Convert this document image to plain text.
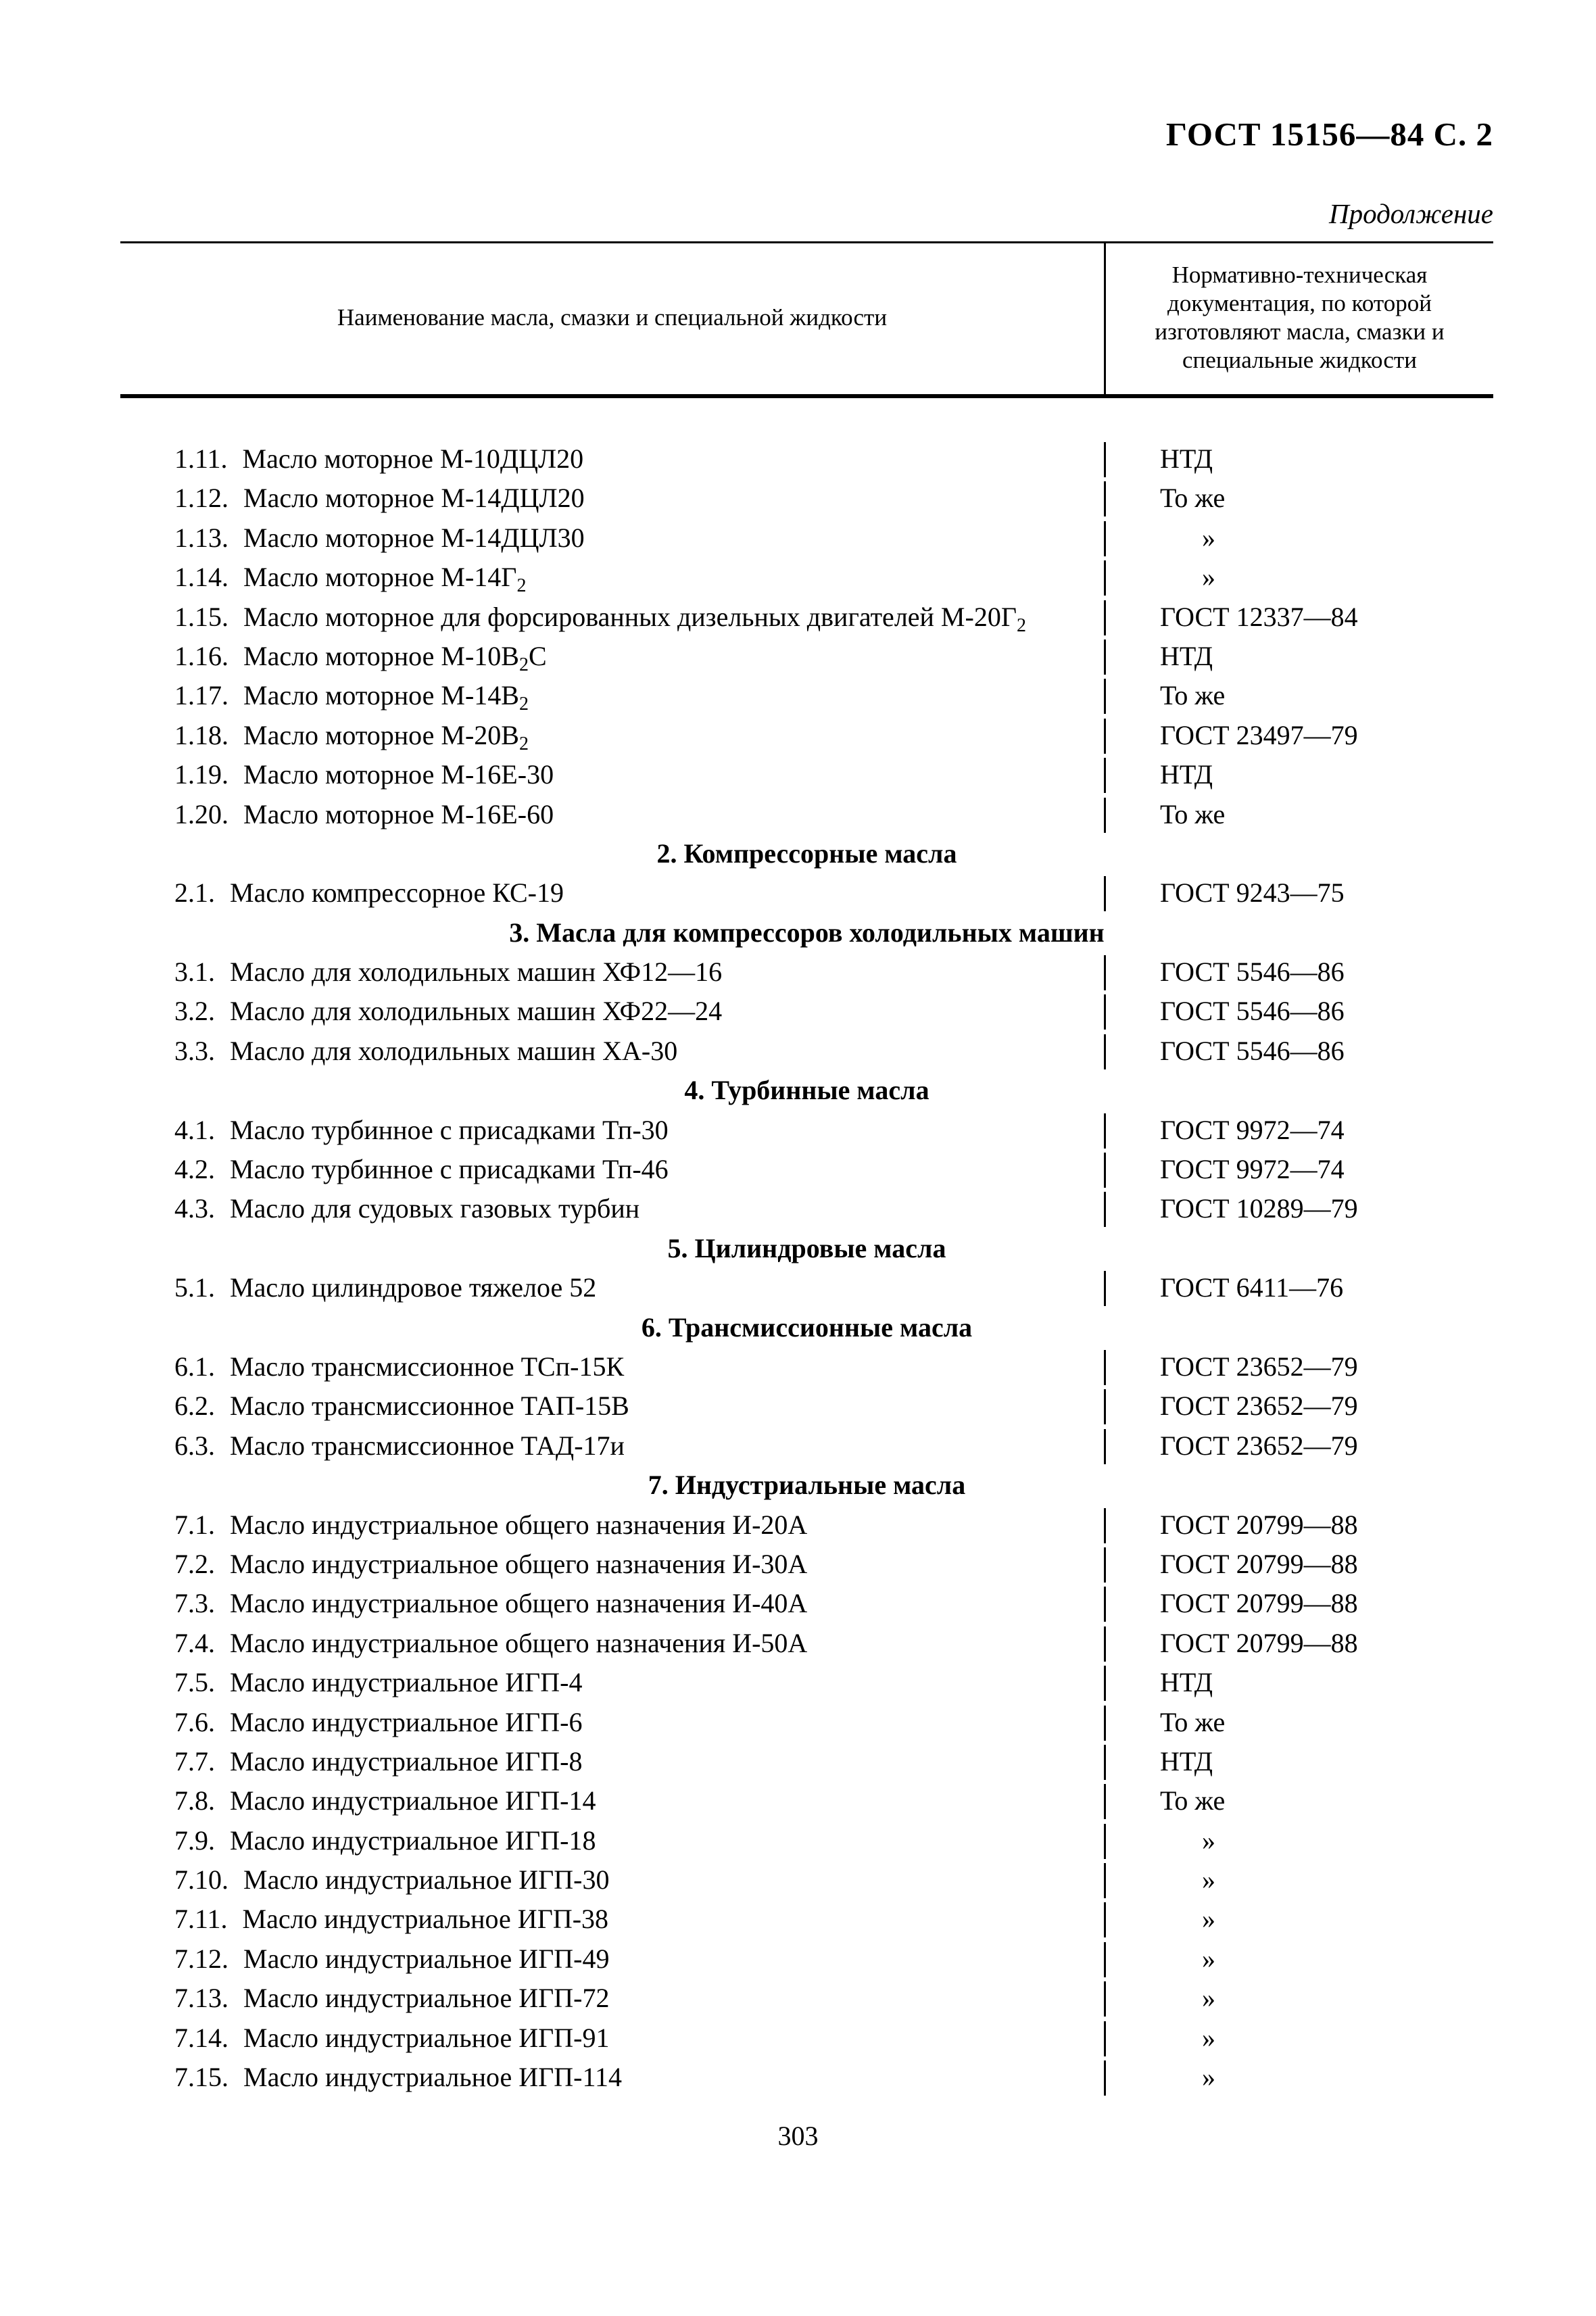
ГОСТ 15156—84 С. 2
Продолжение
Наименование масла, смазки и специальной жидкости
Нормативно-техническая документация, по которой изготовляют масла, смазки и специальные жидкости
1.11. Масло моторное М-10ДЦЛ20	НТД
1.12. Масло моторное М-14ДЦЛ20	То же
1.13. Масло моторное М-14ДЦЛ30	»
1.14. Масло моторное $М-14Г_2$	»
1.15. Масло моторное для форсированных дизельных двигателей $М-20Г_2$	ГОСТ 12337—84
1.16. Масло моторное $М-10В_2С$	НТД
1.17. Масло моторное $М-14В_2$	То же
1.18. Масло моторное $М-20В_2$	ГОСТ 23497—79
1.19. Масло моторное М-16Е-30	НТД
1.20. Масло моторное М-16Е-60	То же
2. Компрессорные масла
2.1. Масло компрессорное КС-19	ГОСТ 9243—75
3. Масла для компрессоров холодильных машин
3.1. Масло для холодильных машин ХФ12—16	ГОСТ 5546—86
3.2. Масло для холодильных машин ХФ22—24	ГОСТ 5546—86
3.3. Масло для холодильных машин ХА-30	ГОСТ 5546—86
4. Турбинные масла
4.1. Масло турбинное с присадками Тп-30	ГОСТ 9972—74
4.2. Масло турбинное с присадками Тп-46	ГОСТ 9972—74
4.3. Масло для судовых газовых турбин	ГОСТ 10289—79
5. Цилиндровые масла
5.1. Масло цилиндровое тяжелое 52	ГОСТ 6411—76
6. Трансмиссионные масла
6.1. Масло трансмиссионное ТСп-15К	ГОСТ 23652—79
6.2. Масло трансмиссионное ТАП-15В	ГОСТ 23652—79
6.3. Масло трансмиссионное ТАД-17и	ГОСТ 23652—79
7. Индустриальные масла
7.1. Масло индустриальное общего назначения И-20А	ГОСТ 20799—88
7.2. Масло индустриальное общего назначения И-30А	ГОСТ 20799—88
7.3. Масло индустриальное общего назначения И-40А	ГОСТ 20799—88
7.4. Масло индустриальное общего назначения И-50А	ГОСТ 20799—88
7.5. Масло индустриальное ИГП-4	НТД
7.6. Масло индустриальное ИГП-6	То же
7.7. Масло индустриальное ИГП-8	НТД
7.8. Масло индустриальное ИГП-14	То же
7.9. Масло индустриальное ИГП-18	»
7.10. Масло индустриальное ИГП-30	»
7.11. Масло индустриальное ИГП-38	»
7.12. Масло индустриальное ИГП-49	»
7.13. Масло индустриальное ИГП-72	»
7.14. Масло индустриальное ИГП-91	»
7.15. Масло индустриальное ИГП-114	»
303
